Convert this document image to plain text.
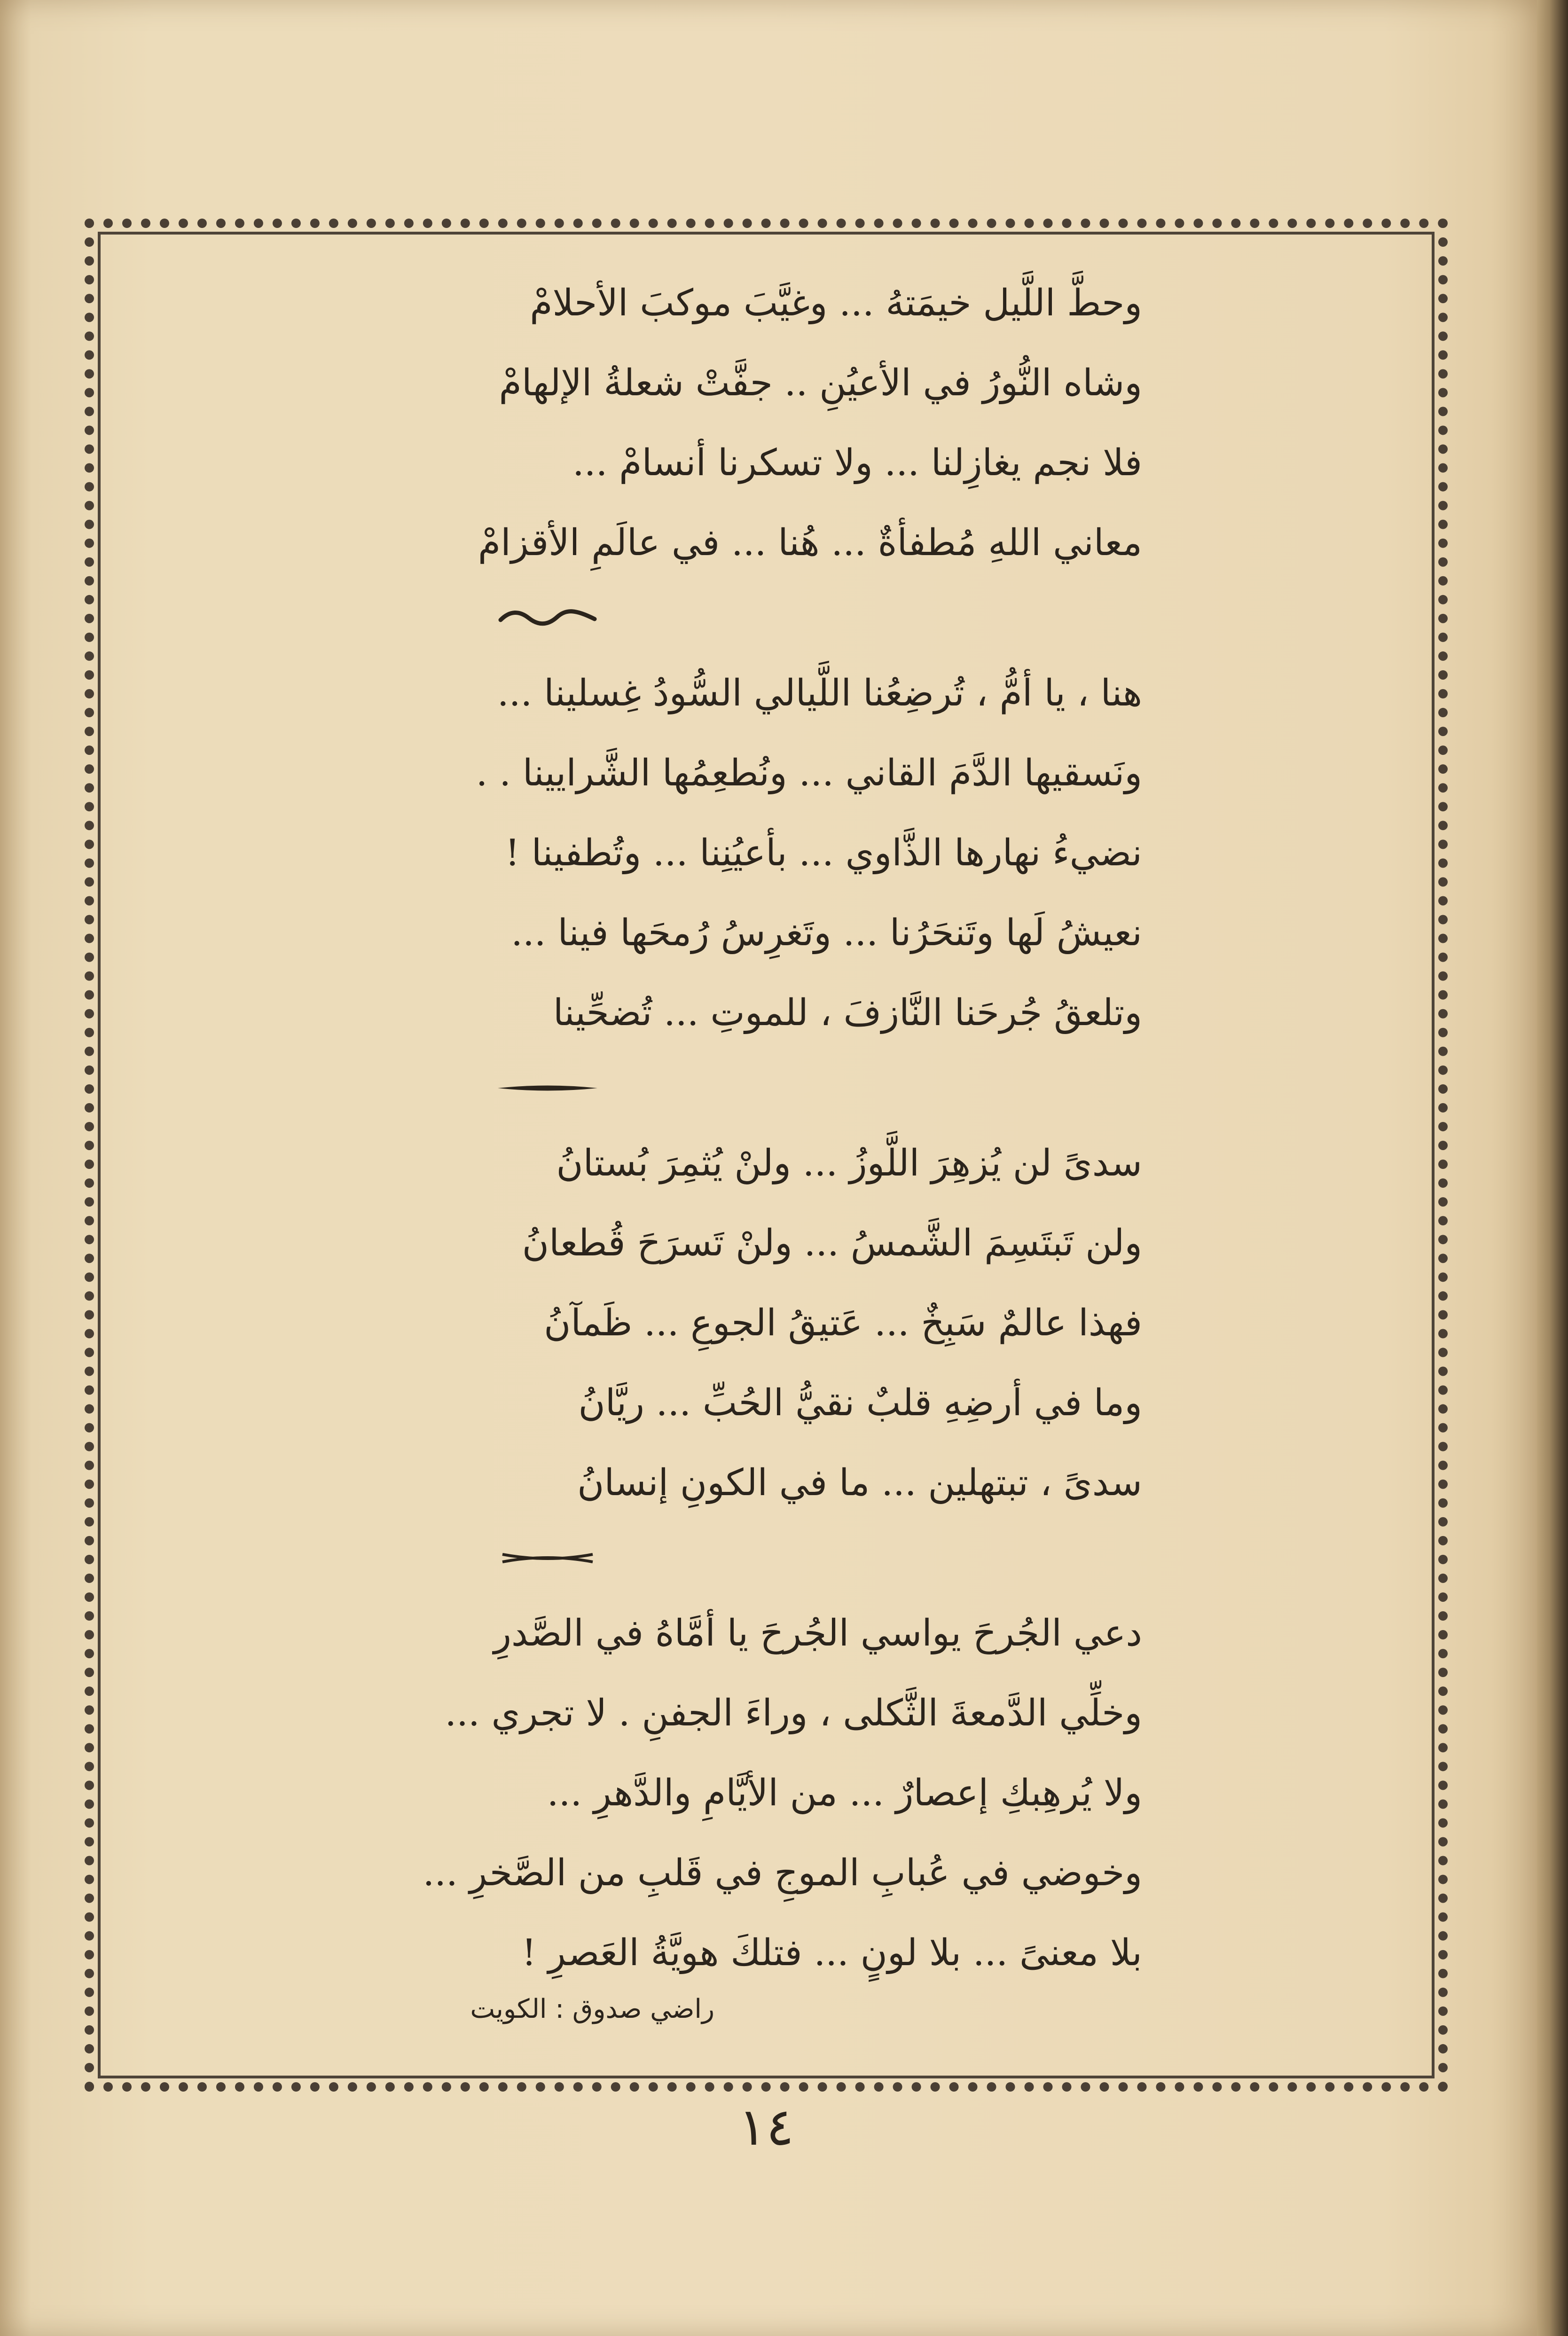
وحطَّ اللَّيل خيمَتهُ ... وغيَّبَ موكبَ الأحلامْ
وشاه النُّورُ في الأعيُنِ .. جفَّتْ شعلةُ الإلهامْ
فلا نجم يغازِلنا ... ولا تسكرنا أنسامْ ...
معاني اللهِ مُطفأةٌ ... هُنا ... في عالَمِ الأقزامْ
هنا ، يا أمُّ ، تُرضِعُنا اللَّيالي السُّودُ غِسلينا ...
ونَسقيها الدَّمَ القاني ... ونُطعِمُها الشَّرايينا . .
نضيءُ نهارها الذَّاوي ... بأعيُنِنا ... وتُطفينا !
نعيشُ لَها وتَنحَرُنا ... وتَغرِسُ رُمحَها فينا ...
وتلعقُ جُرحَنا النَّازفَ ، للموتِ ... تُضحِّينا
سدىً لن يُزهِرَ اللَّوزُ ... ولنْ يُثمِرَ بُستانُ
ولن تَبتَسِمَ الشَّمسُ ... ولنْ تَسرَحَ قُطعانُ
فهذا عالمٌ سَبِخٌ ... عَتيقُ الجوعِ ... ظَمآنُ
وما في أرضِهِ قلبٌ نقيُّ الحُبِّ ... ريَّانُ
سدىً ، تبتهلين ... ما في الكونِ إنسانُ
دعي الجُرحَ يواسي الجُرحَ يا أمَّاهُ في الصَّدرِ
وخلِّي الدَّمعةَ الثَّكلى ، وراءَ الجفنِ . لا تجري ...
ولا يُرهِبكِ إعصارٌ ... من الأيَّامِ والدَّهرِ ...
وخوضي في عُبابِ الموجِ في قَلبِ من الصَّخرِ ...
بلا معنىً ... بلا لونٍ ... فتلكَ هويَّةُ العَصرِ !
راضي صدوق : الكويت
١٤
